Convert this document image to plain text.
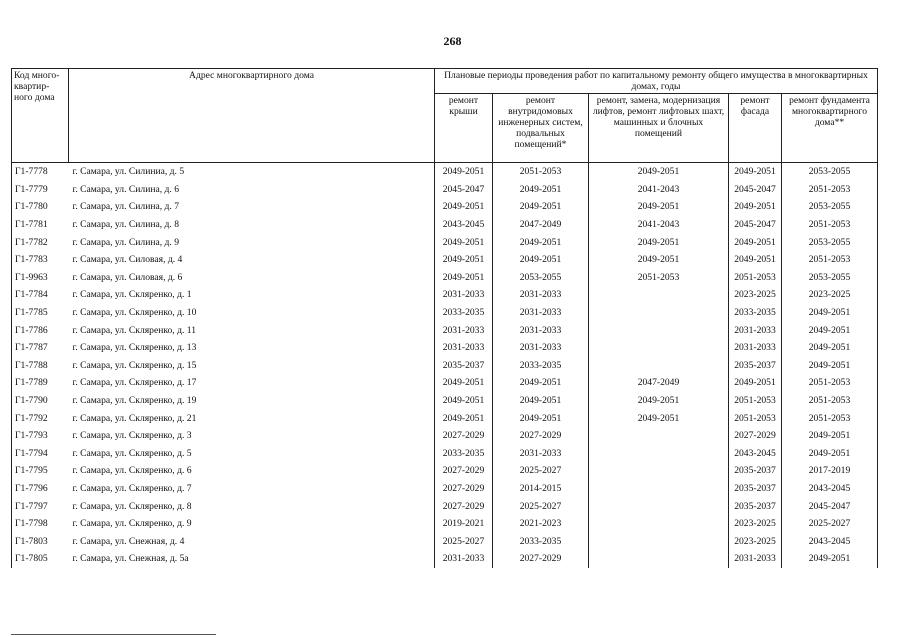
268
Код много-квартир-ного дома	Адрес многоквартирного дома	Плановые периоды проведения работ по капитальному ремонту общего имущества в многоквартирных домах, годы				
		ремонт крыши	ремонт внутридомовых инженерных систем, подвальных помещений*	ремонт, замена, модернизация лифтов, ремонт лифтовых шахт, машинных и блочных помещений	ремонт фасада	ремонт фундамента многоквартирного дома**
Г1-7778	г. Самара, ул. Силиниа, д. 5	2049-2051	2051-2053	2049-2051	2049-2051	2053-2055
Г1-7779	г. Самара, ул. Силина, д. 6	2045-2047	2049-2051	2041-2043	2045-2047	2051-2053
Г1-7780	г. Самара, ул. Силина, д. 7	2049-2051	2049-2051	2049-2051	2049-2051	2053-2055
Г1-7781	г. Самара, ул. Силина, д. 8	2043-2045	2047-2049	2041-2043	2045-2047	2051-2053
Г1-7782	г. Самара, ул. Силина, д. 9	2049-2051	2049-2051	2049-2051	2049-2051	2053-2055
Г1-7783	г. Самара, ул. Силовая, д. 4	2049-2051	2049-2051	2049-2051	2049-2051	2051-2053
Г1-9963	г. Самара, ул. Силовая, д. 6	2049-2051	2053-2055	2051-2053	2051-2053	2053-2055
Г1-7784	г. Самара, ул. Скляренко, д. 1	2031-2033	2031-2033		2023-2025	2023-2025
Г1-7785	г. Самара, ул. Скляренко, д. 10	2033-2035	2031-2033		2033-2035	2049-2051
Г1-7786	г. Самара, ул. Скляренко, д. 11	2031-2033	2031-2033		2031-2033	2049-2051
Г1-7787	г. Самара, ул. Скляренко, д. 13	2031-2033	2031-2033		2031-2033	2049-2051
Г1-7788	г. Самара, ул. Скляренко, д. 15	2035-2037	2033-2035		2035-2037	2049-2051
Г1-7789	г. Самара, ул. Скляренко, д. 17	2049-2051	2049-2051	2047-2049	2049-2051	2051-2053
Г1-7790	г. Самара, ул. Скляренко, д. 19	2049-2051	2049-2051	2049-2051	2051-2053	2051-2053
Г1-7792	г. Самара, ул. Скляренко, д. 21	2049-2051	2049-2051	2049-2051	2051-2053	2051-2053
Г1-7793	г. Самара, ул. Скляренко, д. 3	2027-2029	2027-2029		2027-2029	2049-2051
Г1-7794	г. Самара, ул. Скляренко, д. 5	2033-2035	2031-2033		2043-2045	2049-2051
Г1-7795	г. Самара, ул. Скляренко, д. 6	2027-2029	2025-2027		2035-2037	2017-2019
Г1-7796	г. Самара, ул. Скляренко, д. 7	2027-2029	2014-2015		2035-2037	2043-2045
Г1-7797	г. Самара, ул. Скляренко, д. 8	2027-2029	2025-2027		2035-2037	2045-2047
Г1-7798	г. Самара, ул. Скляренко, д. 9	2019-2021	2021-2023		2023-2025	2025-2027
Г1-7803	г. Самара, ул. Снежная, д. 4	2025-2027	2033-2035		2023-2025	2043-2045
Г1-7805	г. Самара, ул. Снежная, д. 5а	2031-2033	2027-2029		2031-2033	2049-2051
